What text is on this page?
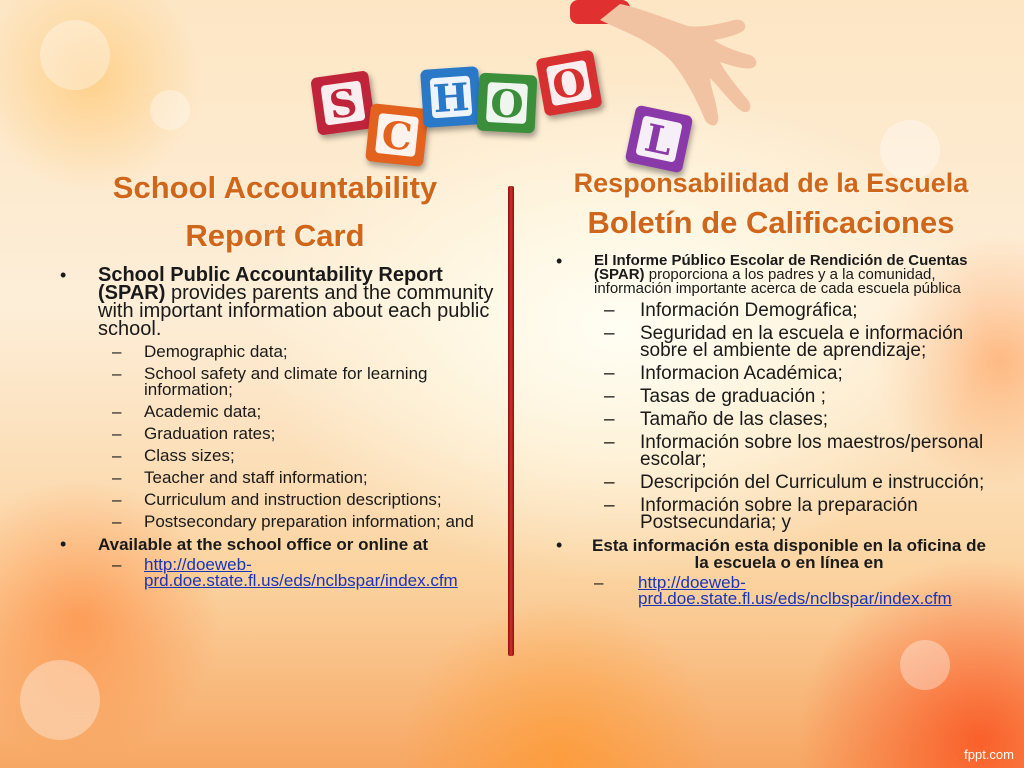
S
C
H O O
L
School Accountability
Report Card
• School Public Accountability Report (SPAR) provides parents and the community with important information about each public school.
– Demographic data;
– School safety and climate for learning information;
– Academic data;
– Graduation rates;
– Class sizes;
– Teacher and staff information;
– Curriculum and instruction descriptions;
– Postsecondary preparation information; and
• Available at the school office or online at
– http://doeweb-prd.doe.state.fl.us/eds/nclbspar/index.cfm
Responsabilidad de la Escuela
Boletín de Calificaciones
• El Informe Público Escolar de Rendición de Cuentas (SPAR) proporciona a los padres y a la comunidad, información importante acerca de cada escuela pública
– Información Demográfica;
– Seguridad en la escuela e información sobre el ambiente de aprendizaje;
– Informacion Académica;
– Tasas de graduación ;
– Tamaño de las clases;
– Información sobre los maestros/personal escolar;
– Descripción del Curriculum e instrucción;
– Información sobre la preparación Postsecundaria; y
• Esta información esta disponible en la oficina de la escuela o en línea en
– http://doeweb-prd.doe.state.fl.us/eds/nclbspar/index.cfm
fppt.com
